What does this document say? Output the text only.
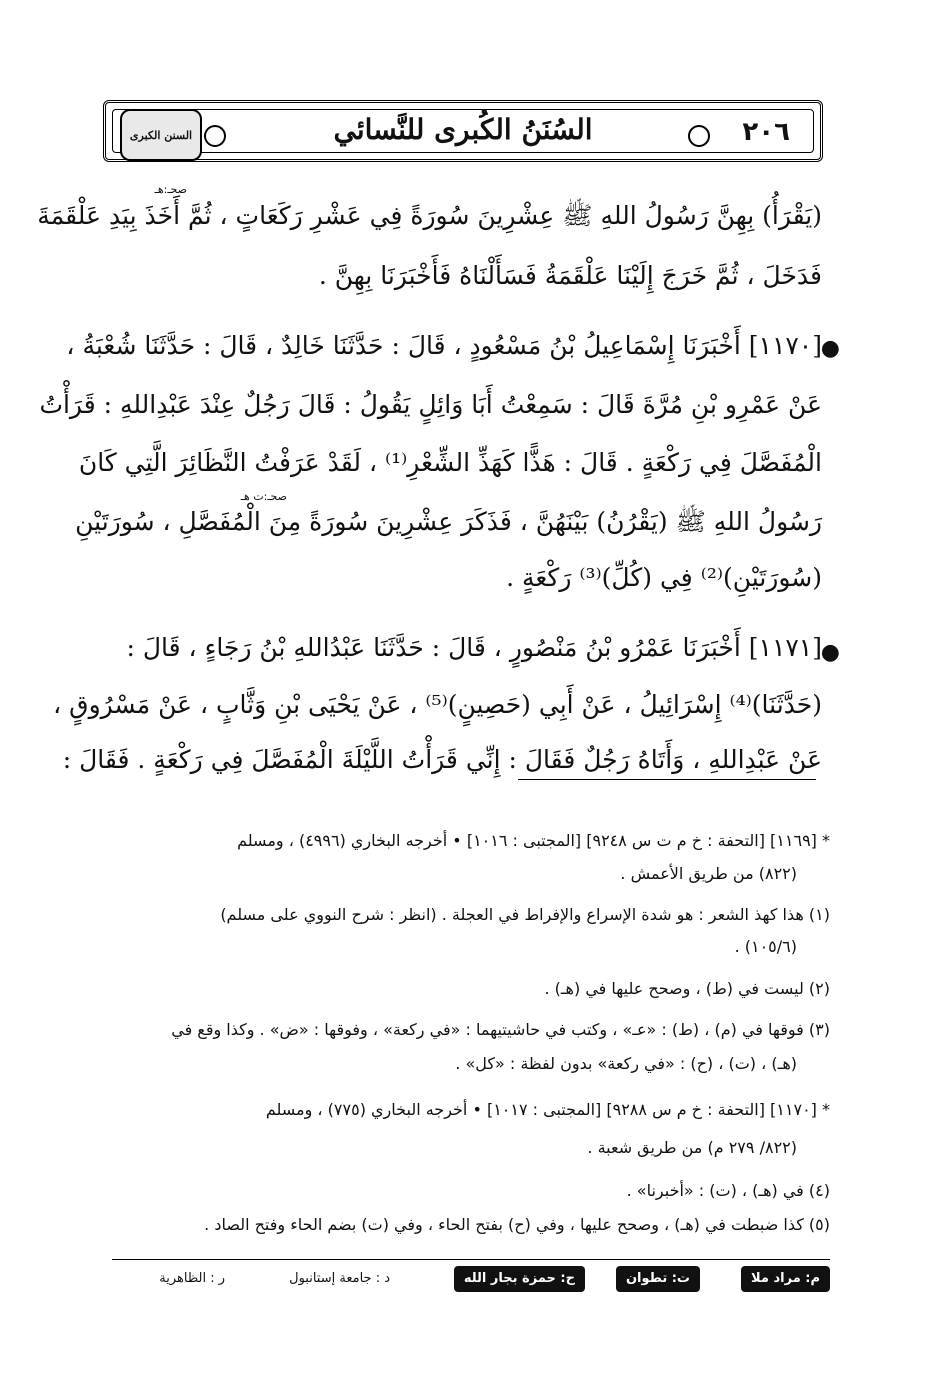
السنن الكبرى	السُنَنُ الكُبرى للنَّسائي	٢٠٦
صحـ:هـ
(يَقْرَأُ) بِهِنَّ رَسُولُ اللهِ ﷺ عِشْرِينَ سُورَةً فِي عَشْرِ رَكَعَاتٍ ، ثُمَّ أَخَذَ بِيَدِ عَلْقَمَةَ
فَدَخَلَ ، ثُمَّ خَرَجَ إِلَيْنَا عَلْقَمَةُ فَسَأَلْنَاهُ فَأَخْبَرَنَا بِهِنَّ .
●
[١١٧٠] أَخْبَرَنَا إِسْمَاعِيلُ بْنُ مَسْعُودٍ ، قَالَ : حَدَّثَنَا خَالِدٌ ، قَالَ : حَدَّثَنَا شُعْبَةُ ،
عَنْ عَمْرِو بْنِ مُرَّةَ قَالَ : سَمِعْتُ أَبَا وَائِلٍ يَقُولُ : قَالَ رَجُلٌ عِنْدَ عَبْدِاللهِ : قَرَأْتُ
الْمُفَصَّلَ فِي رَكْعَةٍ . قَالَ : هَذًّا كَهَذِّ الشِّعْرِ⁽¹⁾ ، لَقَدْ عَرَفْتُ النَّظَائِرَ الَّتِي كَانَ
صحـ:ت هـ
رَسُولُ اللهِ ﷺ (يَقْرُنُ) بَيْنَهُنَّ ، فَذَكَرَ عِشْرِينَ سُورَةً مِنَ الْمُفَصَّلِ ، سُورَتَيْنِ
(سُورَتَيْنِ)⁽²⁾ فِي (كُلِّ)⁽³⁾ رَكْعَةٍ .
●
[١١٧١] أَخْبَرَنَا عَمْرُو بْنُ مَنْصُورٍ ، قَالَ : حَدَّثَنَا عَبْدُاللهِ بْنُ رَجَاءٍ ، قَالَ :
(حَدَّثَنَا)⁽⁴⁾ إِسْرَائِيلُ ، عَنْ أَبِي (حَصِينٍ)⁽⁵⁾ ، عَنْ يَحْيَى بْنِ وَثَّابٍ ، عَنْ مَسْرُوقٍ ،
عَنْ عَبْدِاللهِ ، وَأَتَاهُ رَجُلٌ فَقَالَ : إِنِّي قَرَأْتُ اللَّيْلَةَ الْمُفَصَّلَ فِي رَكْعَةٍ . فَقَالَ :
* [١١٦٩] [التحفة : خ م ت س ٩٢٤٨] [المجتبى : ١٠١٦] • أخرجه البخاري (٤٩٩٦) ، ومسلم
(٨٢٢) من طريق الأعمش .
(١) هذا كهذ الشعر : هو شدة الإسراع والإفراط في العجلة . (انظر : شرح النووي على مسلم)
(١٠٥/٦) .
(٢) ليست في (ط) ، وصحح عليها في (هـ) .
(٣) فوقها في (م) ، (ط) : «عـ» ، وكتب في حاشيتيهما : «في ركعة» ، وفوقها : «ض» . وكذا وقع في
(هـ) ، (ت) ، (ح) : «في ركعة» بدون لفظة : «كل» .
* [١١٧٠] [التحفة : خ م س ٩٢٨٨] [المجتبى : ١٠١٧] • أخرجه البخاري (٧٧٥) ، ومسلم
(٨٢٢/ ٢٧٩ م) من طريق شعبة .
(٤) في (هـ) ، (ت) : «أخبرنا» .
(٥) كذا ضبطت في (هـ) ، وصحح عليها ، وفي (ح) بفتح الحاء ، وفي (ت) بضم الحاء وفتح الصاد .
م: مراد ملا
ت: تطوان
ح: حمزة بجار الله
د : جامعة إستانبول
ر : الظاهرية
